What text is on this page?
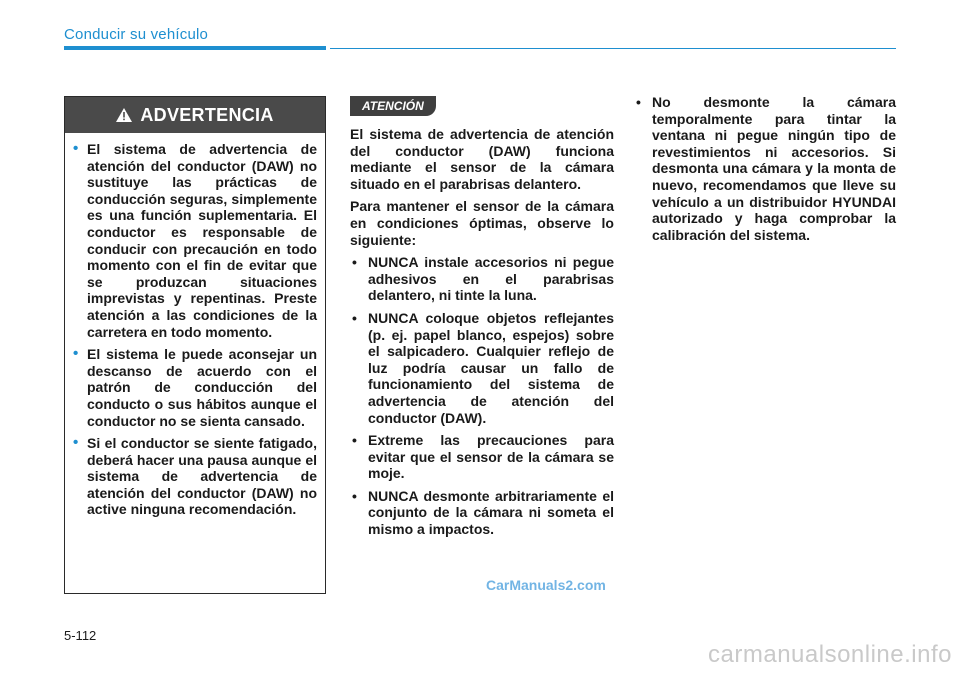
Conducir su vehículo
ADVERTENCIA
• El sistema de advertencia de atención del conductor (DAW) no sustituye las prácticas de conducción seguras, simplemente es una función suplementaria. El conductor es responsable de conducir con precaución en todo momento con el fin de evitar que se produzcan situaciones imprevistas y repentinas. Preste atención a las condiciones de la carretera en todo momento.
• El sistema le puede aconsejar un descanso de acuerdo con el patrón de conducción del conducto o sus hábitos aunque el conductor no se sienta cansado.
• Si el conductor se siente fatigado, deberá hacer una pausa aunque el sistema de advertencia de atención del conductor (DAW) no active ninguna recomendación.
ATENCIÓN

El sistema de advertencia de atención del conductor (DAW) funciona mediante el sensor de la cámara situado en el parabrisas delantero.

Para mantener el sensor de la cámara en condiciones óptimas, observe lo siguiente:

• NUNCA instale accesorios ni pegue adhesivos en el parabrisas delantero, ni tinte la luna.
• NUNCA coloque objetos reflejantes (p. ej. papel blanco, espejos) sobre el salpicadero. Cualquier reflejo de luz podría causar un fallo de funcionamiento del sistema de advertencia de atención del conductor (DAW).
• Extreme las precauciones para evitar que el sensor de la cámara se moje.
• NUNCA desmonte arbitrariamente el conjunto de la cámara ni someta el mismo a impactos.
• No desmonte la cámara temporalmente para tintar la ventana ni pegue ningún tipo de revestimientos ni accesorios. Si desmonta una cámara y la monta de nuevo, recomendamos que lleve su vehículo a un distribuidor HYUNDAI autorizado y haga comprobar la calibración del sistema.
5-112
CarManuals2.com
carmanualsonline.info
